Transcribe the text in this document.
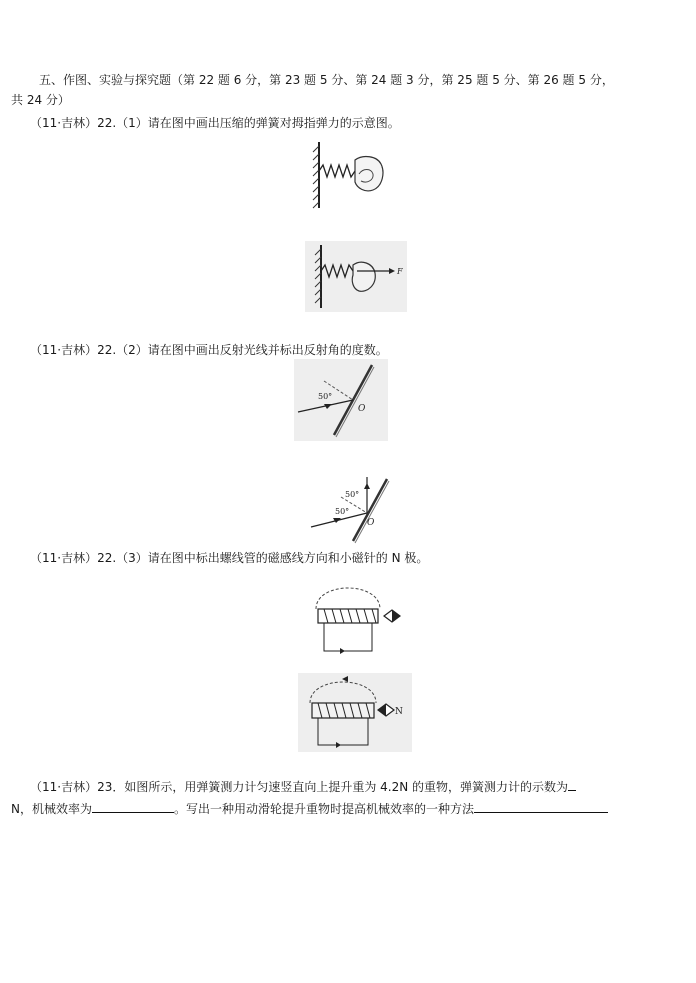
五、作图、实验与探究题（第 22 题 6 分，第 23 题 5 分、第 24 题 3 分，第 25 题 5 分、第 26 题 5 分，
共 24 分）
（11·吉林）22.（1）请在图中画出压缩的弹簧对拇指弹力的示意图。
F
（11·吉林）22.（2）请在图中画出反射光线并标出反射角的度数。
50°
O
50°
50°
O
（11·吉林）22.（3）请在图中标出螺线管的磁感线方向和小磁针的 N 极。
N
（11·吉林）23．如图所示，用弹簧测力计匀速竖直向上提升重为 4.2N 的重物，弹簧测力计的示数为
N，机械效率为	。写出一种用动滑轮提升重物时提高机械效率的一种方法
